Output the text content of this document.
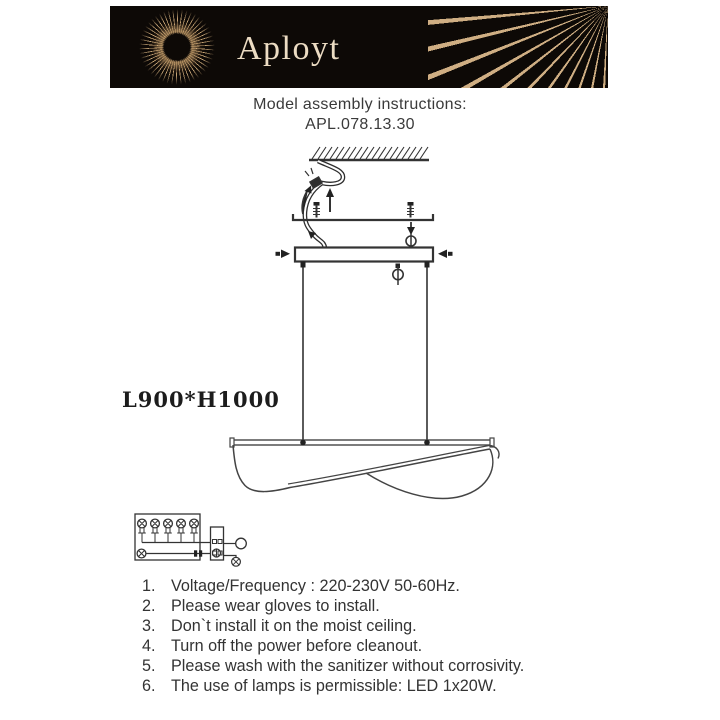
Aployt
Model assembly instructions:
APL.078.13.30
L900*H1000
1. Voltage/Frequency : 220-230V 50-60Hz.
2. Please wear gloves to install.
3. Don`t install it on the moist ceiling.
4. Turn off the power before cleanout.
5. Please wash with the sanitizer without corrosivity.
6. The use of lamps is permissible: LED 1x20W.
